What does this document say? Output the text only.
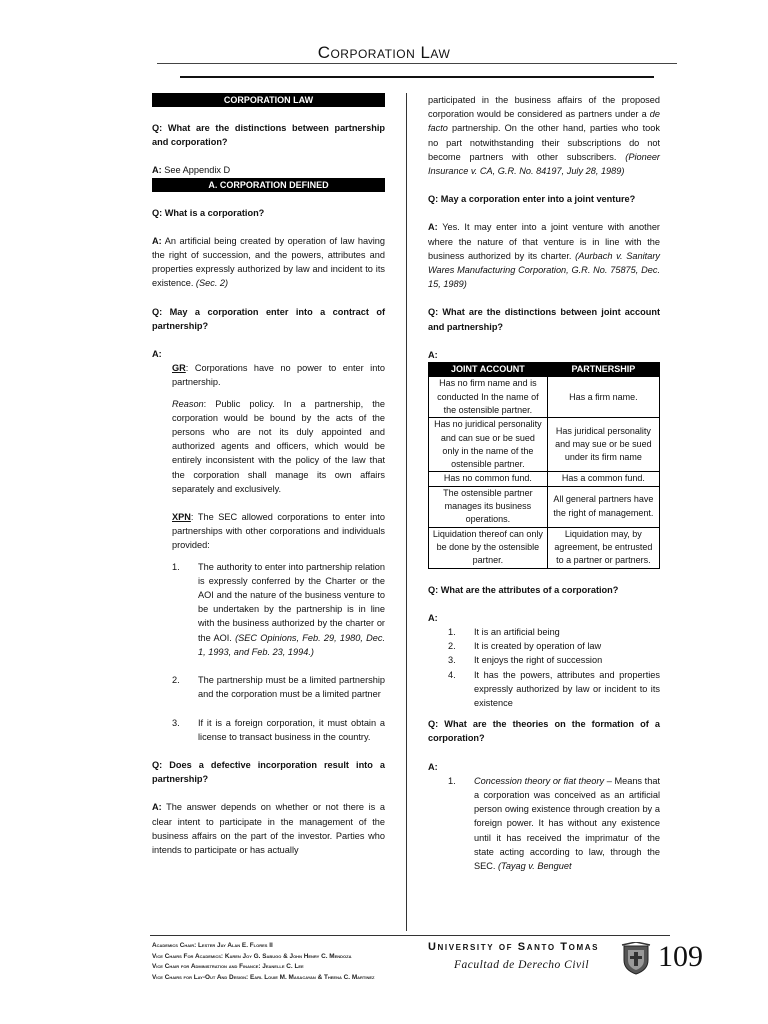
Corporation Law
CORPORATION LAW

Q: What are the distinctions between partnership and corporation?

A: See Appendix D

A. CORPORATION DEFINED

Q: What is a corporation?

A: An artificial being created by operation of law having the right of succession, and the powers, attributes and properties expressly authorized by law and incident to its existence. (Sec. 2)

Q: May a corporation enter into a contract of partnership?

A:

GR: Corporations have no power to enter into partnership.

Reason: Public policy. In a partnership, the corporation would be bound by the acts of the persons who are not its duly appointed and authorized agents and officers, which would be entirely inconsistent with the policy of the law that the corporation shall manage its own affairs separately and exclusively.

XPN: The SEC allowed corporations to enter into partnerships with other corporations and individuals provided:

1.	The authority to enter into partnership relation is expressly conferred by the Charter or the AOI and the nature of the business venture to be undertaken by the partnership is in line with the business authorized by the charter or the AOI. (SEC Opinions, Feb. 29, 1980, Dec. 1, 1993, and Feb. 23, 1994.)
2.	The partnership must be a limited partnership and the corporation must be a limited partner
3.	If it is a foreign corporation, it must obtain a license to transact business in the country.

Q: Does a defective incorporation result into a partnership?

A: The answer depends on whether or not there is a clear intent to participate in the management of the business affairs on the part of the investor. Parties who intends to participate or has actually

participated in the business affairs of the proposed corporation would be considered as partners under a de facto partnership. On the other hand, parties who took no part notwithstanding their subscriptions do not become partners with other subscribers. (Pioneer Insurance v. CA, G.R. No. 84197, July 28, 1989)

Q: May a corporation enter into a joint venture?

A: Yes. It may enter into a joint venture with another where the nature of that venture is in line with the business authorized by its charter. (Aurbach v. Sanitary Wares Manufacturing Corporation, G.R. No. 75875, Dec. 15, 1989)

Q: What are the distinctions between joint account and partnership?

A:

JOINT ACCOUNT	PARTNERSHIP
Has no firm name and is conducted In the name of the ostensible partner.	Has a firm name.
Has no juridical personality and can sue or be sued only in the name of the ostensible partner.	Has juridical personality and may sue or be sued under its firm name
Has no common fund.	Has a common fund.
The ostensible partner manages its business operations.	All general partners have the right of management.
Liquidation thereof can only be done by the ostensible partner.	Liquidation may, by agreement, be entrusted to a partner or partners.

Q: What are the attributes of a corporation?

A:

1.	It is an artificial being
2.	It is created by operation of law
3.	It enjoys the right of succession
4.	It has the powers, attributes and properties expressly authorized by law or incident to its existence

Q: What are the theories on the formation of a corporation?

A:

1.	Concession theory or fiat theory – Means that a corporation was conceived as an artificial person owing existence through creation by a foreign power. It has without any existence until it has received the imprimatur of the state acting according to law, through the SEC. (Tayag v. Benguet
Academics Chair: Lester Jay Alan E. Flores II
Vice Chairs For Academics: Karen Joy G. Sabugo & John Henry C. Mendoza
Vice Chair for Administration and Finance: Jeanelle C. Lee
Vice Chairs for Lay-Out And Design: Earl Louie M. Masacayan & Theena C. Martinez
University of Santo Tomas
Facultad de Derecho Civil 109
